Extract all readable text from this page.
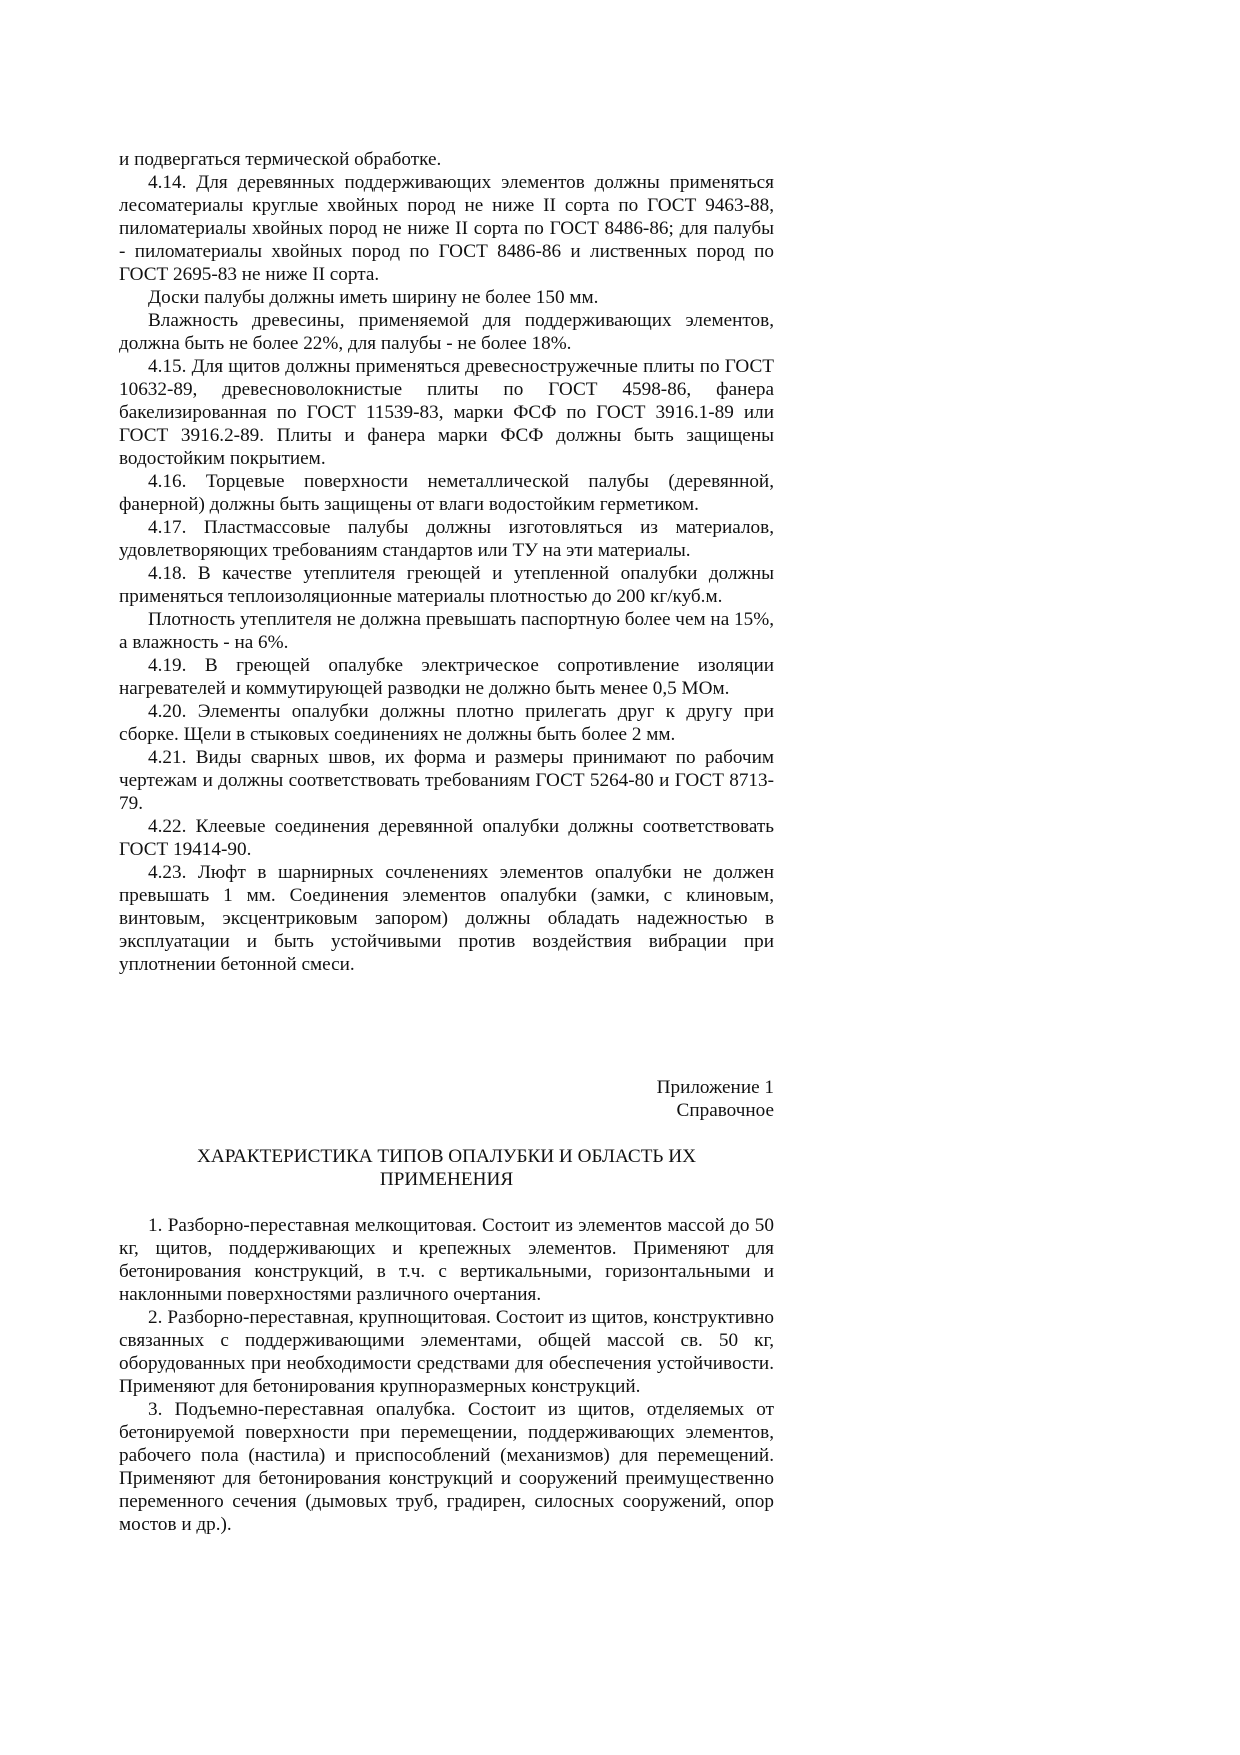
и подвергаться термической обработке.

4.14. Для деревянных поддерживающих элементов должны применяться лесоматериалы круглые хвойных пород не ниже II сорта по ГОСТ 9463-88, пиломатериалы хвойных пород не ниже II сорта по ГОСТ 8486-86; для палубы - пиломатериалы хвойных пород по ГОСТ 8486-86 и лиственных пород по ГОСТ 2695-83 не ниже II сорта.

Доски палубы должны иметь ширину не более 150 мм.

Влажность древесины, применяемой для поддерживающих элементов, должна быть не более 22%, для палубы - не более 18%.

4.15. Для щитов должны применяться древесностружечные плиты по ГОСТ 10632-89, древесноволокнистые плиты по ГОСТ 4598-86, фанера бакелизированная по ГОСТ 11539-83, марки ФСФ по ГОСТ 3916.1-89 или ГОСТ 3916.2-89. Плиты и фанера марки ФСФ должны быть защищены водостойким покрытием.

4.16. Торцевые поверхности неметаллической палубы (деревянной, фанерной) должны быть защищены от влаги водостойким герметиком.

4.17. Пластмассовые палубы должны изготовляться из материалов, удовлетворяющих требованиям стандартов или ТУ на эти материалы.

4.18. В качестве утеплителя греющей и утепленной опалубки должны применяться теплоизоляционные материалы плотностью до 200 кг/куб.м.

Плотность утеплителя не должна превышать паспортную более чем на 15%, а влажность - на 6%.

4.19. В греющей опалубке электрическое сопротивление изоляции нагревателей и коммутирующей разводки не должно быть менее 0,5 МОм.

4.20. Элементы опалубки должны плотно прилегать друг к другу при сборке. Щели в стыковых соединениях не должны быть более 2 мм.

4.21. Виды сварных швов, их форма и размеры принимают по рабочим чертежам и должны соответствовать требованиям ГОСТ 5264-80 и ГОСТ 8713-79.

4.22. Клеевые соединения деревянной опалубки должны соответствовать ГОСТ 19414-90.

4.23. Люфт в шарнирных сочленениях элементов опалубки не должен превышать 1 мм. Соединения элементов опалубки (замки, с клиновым, винтовым, эксцентриковым запором) должны обладать надежностью в эксплуатации и быть устойчивыми против воздействия вибрации при уплотнении бетонной смеси.

Приложение 1
Справочное
ХАРАКТЕРИСТИКА ТИПОВ ОПАЛУБКИ И ОБЛАСТЬ ИХ ПРИМЕНЕНИЯ

1. Разборно-переставная мелкощитовая. Состоит из элементов массой до 50 кг, щитов, поддерживающих и крепежных элементов. Применяют для бетонирования конструкций, в т.ч. с вертикальными, горизонтальными и наклонными поверхностями различного очертания.

2. Разборно-переставная, крупнощитовая. Состоит из щитов, конструктивно связанных с поддерживающими элементами, общей массой св. 50 кг, оборудованных при необходимости средствами для обеспечения устойчивости. Применяют для бетонирования крупноразмерных конструкций.

3. Подъемно-переставная опалубка. Состоит из щитов, отделяемых от бетонируемой поверхности при перемещении, поддерживающих элементов, рабочего пола (настила) и приспособлений (механизмов) для перемещений. Применяют для бетонирования конструкций и сооружений преимущественно переменного сечения (дымовых труб, градирен, силосных сооружений, опор мостов и др.).
